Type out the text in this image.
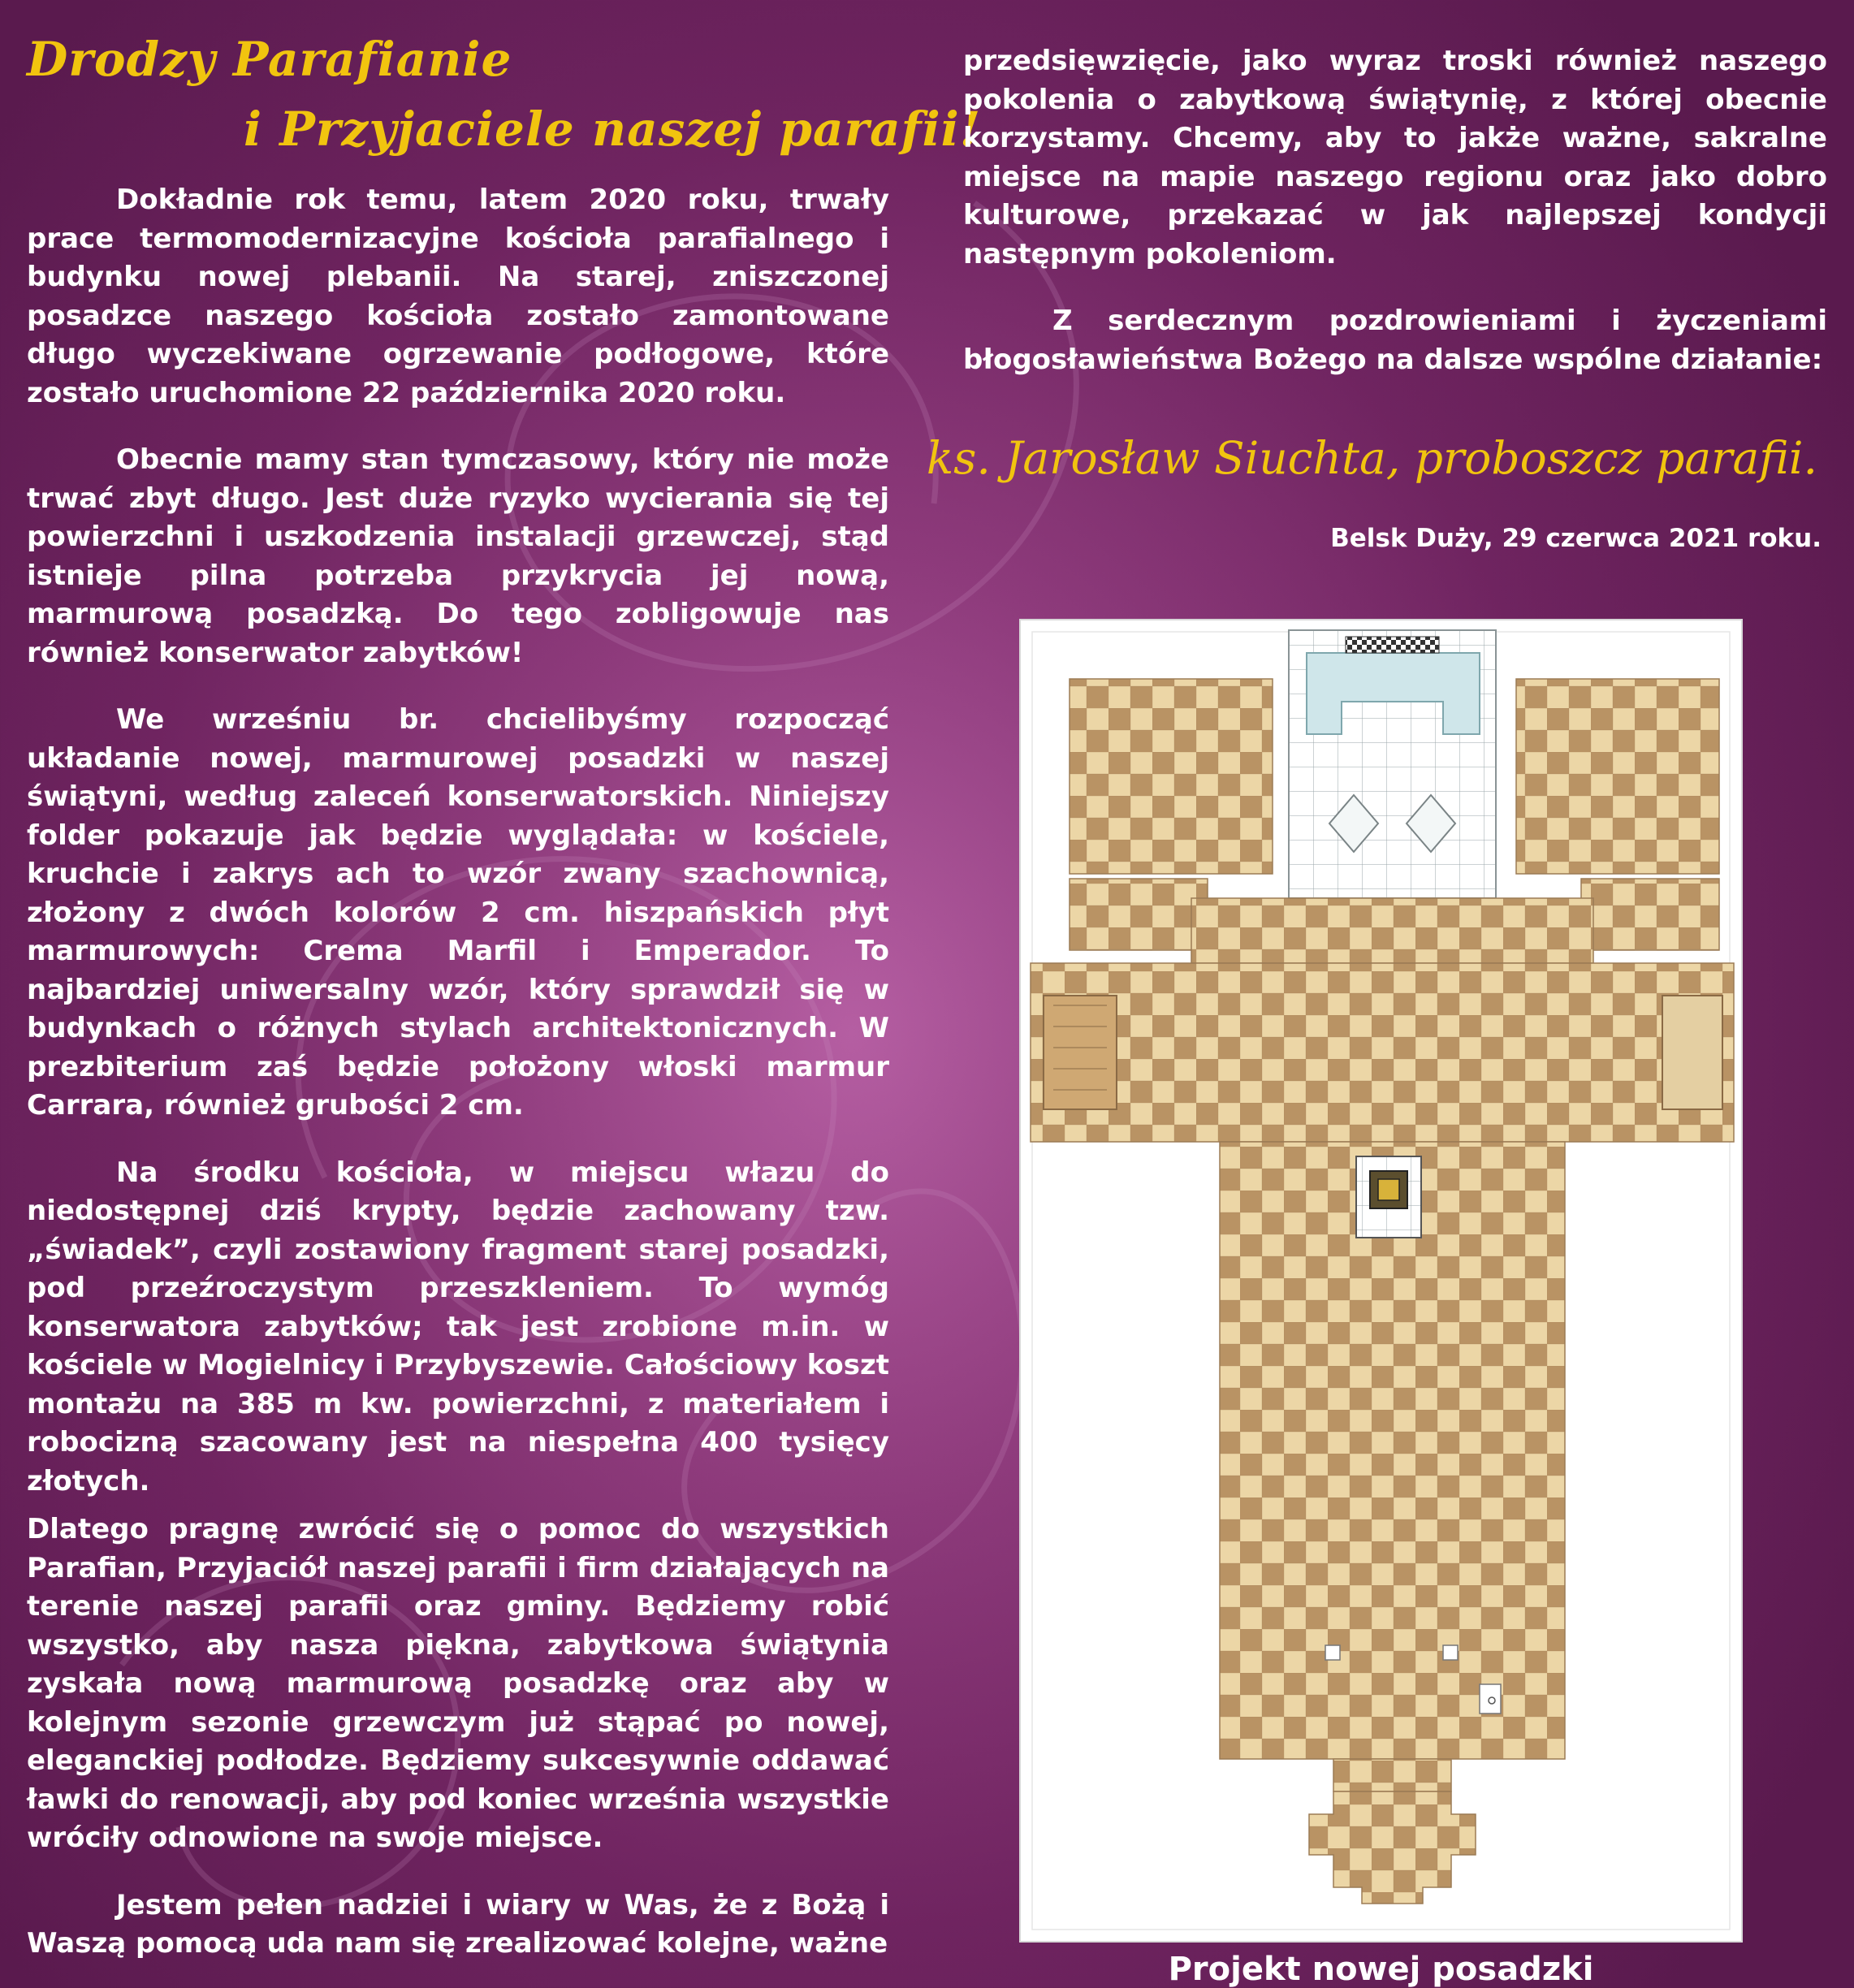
Drodzy Parafianie
i Przyjaciele naszej parafii!

Dokładnie rok temu, latem 2020 roku, trwały prace termomodernizacyjne kościoła parafialnego i budynku nowej plebanii. Na starej, zniszczonej posadzce naszego kościoła zostało zamontowane długo wyczekiwane ogrzewanie podłogowe, które zostało uruchomione 22 października 2020 roku.

Obecnie mamy stan tymczasowy, który nie może trwać zbyt długo. Jest duże ryzyko wycierania się tej powierzchni i uszkodzenia instalacji grzewczej, stąd istnieje pilna potrzeba przykrycia jej nową, marmurową posadzką. Do tego zobligowuje nas również konserwator zabytków!

We wrześniu br. chcielibyśmy rozpocząć układanie nowej, marmurowej posadzki w naszej świątyni, według zaleceń konserwatorskich. Niniejszy folder pokazuje jak będzie wyglądała: w kościele, kruchcie i zakrys ach to wzór zwany szachownicą, złożony z dwóch kolorów 2 cm. hiszpańskich płyt marmurowych: Crema Marfil i Emperador. To najbardziej uniwersalny wzór, który sprawdził się w budynkach o różnych stylach architektonicznych. W prezbiterium zaś będzie położony włoski marmur Carrara, również grubości 2 cm.

Na środku kościoła, w miejscu włazu do niedostępnej dziś krypty, będzie zachowany tzw. „świadek”, czyli zostawiony fragment starej posadzki, pod przeźroczystym przeszkleniem. To wymóg konserwatora zabytków; tak jest zrobione m.in. w kościele w Mogielnicy i Przybyszewie. Całościowy koszt montażu na 385 m kw. powierzchni, z materiałem i robocizną szacowany jest na niespełna 400 tysięcy złotych.

Dlatego pragnę zwrócić się o pomoc do wszystkich Parafian, Przyjaciół naszej parafii i firm działających na terenie naszej parafii oraz gminy. Będziemy robić wszystko, aby nasza piękna, zabytkowa świątynia zyskała nową marmurową posadzkę oraz aby w kolejnym sezonie grzewczym już stąpać po nowej, eleganckiej podłodze. Będziemy sukcesywnie oddawać ławki do renowacji, aby pod koniec września wszystkie wróciły odnowione na swoje miejsce.

Jestem pełen nadziei i wiary w Was, że z Bożą i Waszą pomocą uda nam się zrealizować kolejne, ważne

przedsięwzięcie, jako wyraz troski również naszego pokolenia o zabytkową świątynię, z której obecnie korzystamy. Chcemy, aby to jakże ważne, sakralne miejsce na mapie naszego regionu oraz jako dobro kulturowe, przekazać w jak najlepszej kondycji następnym pokoleniom.

Z serdecznym pozdrowieniami i życzeniami błogosławieństwa Bożego na dalsze wspólne działanie:

ks. Jarosław Siuchta, proboszcz parafii.

Belsk Duży, 29 czerwca 2021 roku.

Projekt nowej posadzki
